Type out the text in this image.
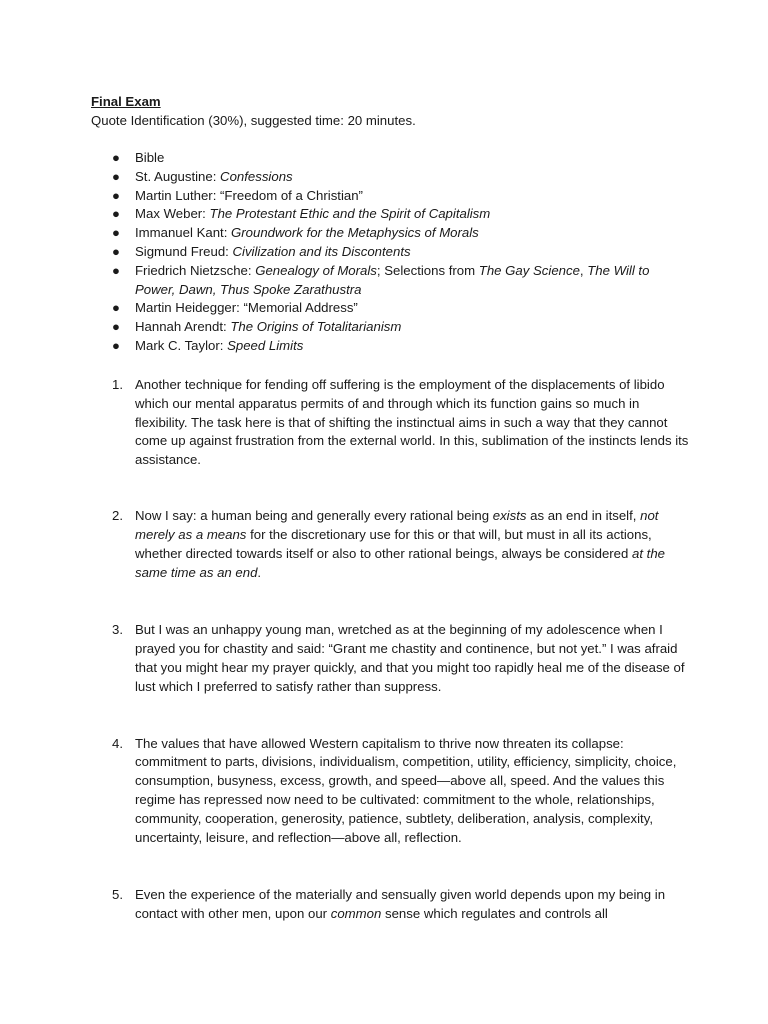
Final Exam
Quote Identification (30%), suggested time: 20 minutes.
● Bible
● St. Augustine: Confessions
● Martin Luther: “Freedom of a Christian”
● Max Weber: The Protestant Ethic and the Spirit of Capitalism
● Immanuel Kant: Groundwork for the Metaphysics of Morals
● Sigmund Freud: Civilization and its Discontents
● Friedrich Nietzsche: Genealogy of Morals; Selections from The Gay Science, The Will to Power, Dawn, Thus Spoke Zarathustra
● Martin Heidegger: “Memorial Address”
● Hannah Arendt: The Origins of Totalitarianism
● Mark C. Taylor: Speed Limits
1. Another technique for fending off suffering is the employment of the displacements of libido which our mental apparatus permits of and through which its function gains so much in flexibility. The task here is that of shifting the instinctual aims in such a way that they cannot come up against frustration from the external world. In this, sublimation of the instincts lends its assistance.
2. Now I say: a human being and generally every rational being exists as an end in itself, not merely as a means for the discretionary use for this or that will, but must in all its actions, whether directed towards itself or also to other rational beings, always be considered at the same time as an end.
3. But I was an unhappy young man, wretched as at the beginning of my adolescence when I prayed you for chastity and said: “Grant me chastity and continence, but not yet.” I was afraid that you might hear my prayer quickly, and that you might too rapidly heal me of the disease of lust which I preferred to satisfy rather than suppress.
4. The values that have allowed Western capitalism to thrive now threaten its collapse: commitment to parts, divisions, individualism, competition, utility, efficiency, simplicity, choice, consumption, busyness, excess, growth, and speed—above all, speed. And the values this regime has repressed now need to be cultivated: commitment to the whole, relationships, community, cooperation, generosity, patience, subtlety, deliberation, analysis, complexity, uncertainty, leisure, and reflection—above all, reflection.
5. Even the experience of the materially and sensually given world depends upon my being in contact with other men, upon our common sense which regulates and controls all
